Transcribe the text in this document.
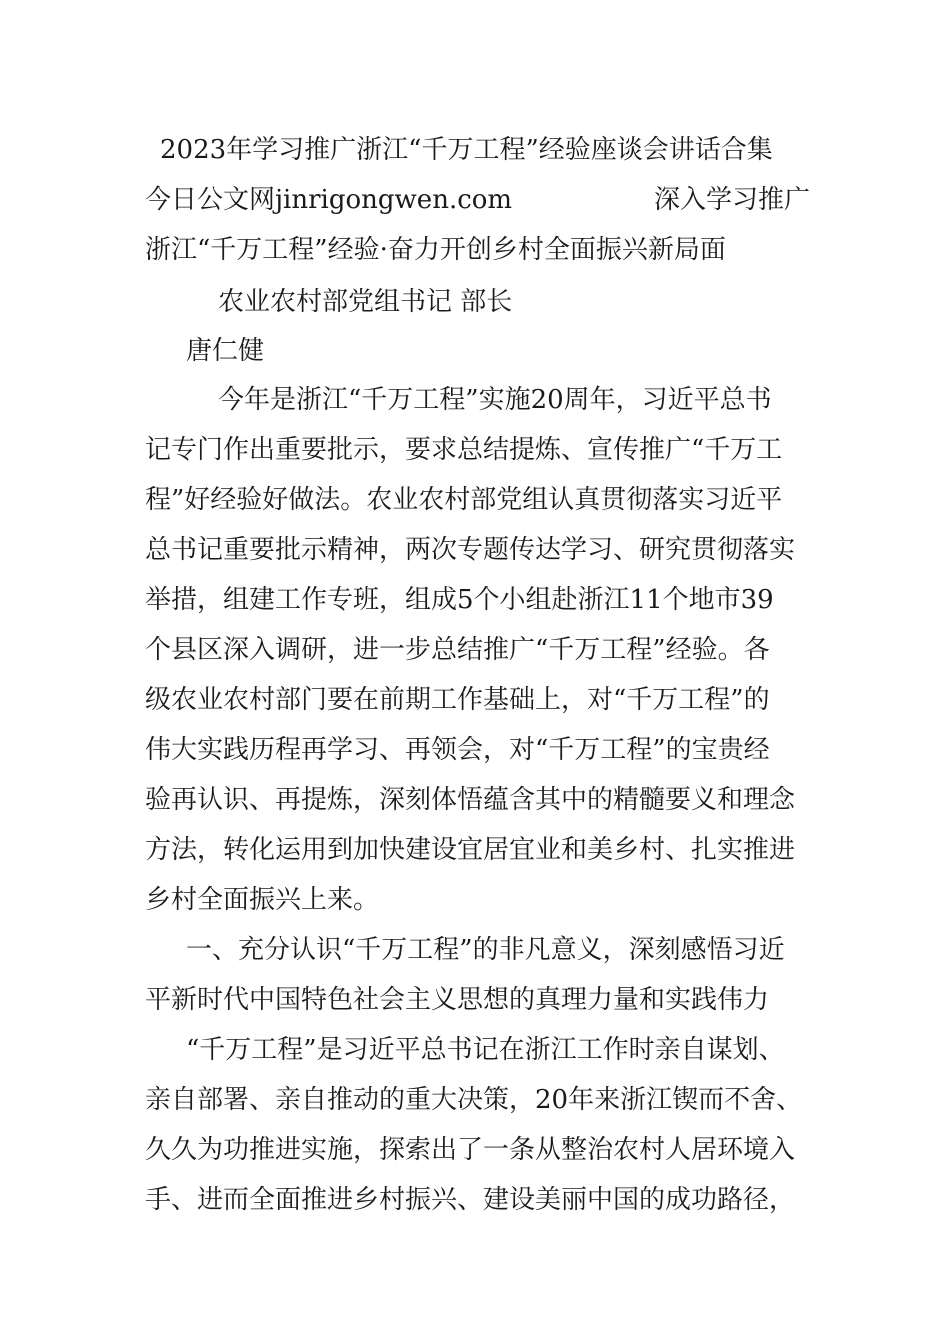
2023年学习推广浙江“千万工程”经验座谈会讲话合集
今日公文网jinrigongwen.com	深入学习推广
浙江“千万工程”经验·奋力开创乡村全面振兴新局面
农业农村部党组书记 部长
唐仁健
今年是浙江“千万工程”实施20周年，习近平总书
记专门作出重要批示，要求总结提炼、宣传推广“千万工
程”好经验好做法。农业农村部党组认真贯彻落实习近平
总书记重要批示精神，两次专题传达学习、研究贯彻落实
举措，组建工作专班，组成5个小组赴浙江11个地市39
个县区深入调研，进一步总结推广“千万工程”经验。各
级农业农村部门要在前期工作基础上，对“千万工程”的
伟大实践历程再学习、再领会，对“千万工程”的宝贵经
验再认识、再提炼，深刻体悟蕴含其中的精髓要义和理念
方法，转化运用到加快建设宜居宜业和美乡村、扎实推进
乡村全面振兴上来。
一、充分认识“千万工程”的非凡意义，深刻感悟习近
平新时代中国特色社会主义思想的真理力量和实践伟力
“千万工程”是习近平总书记在浙江工作时亲自谋划、
亲自部署、亲自推动的重大决策，20年来浙江锲而不舍、
久久为功推进实施，探索出了一条从整治农村人居环境入
手、进而全面推进乡村振兴、建设美丽中国的成功路径，
